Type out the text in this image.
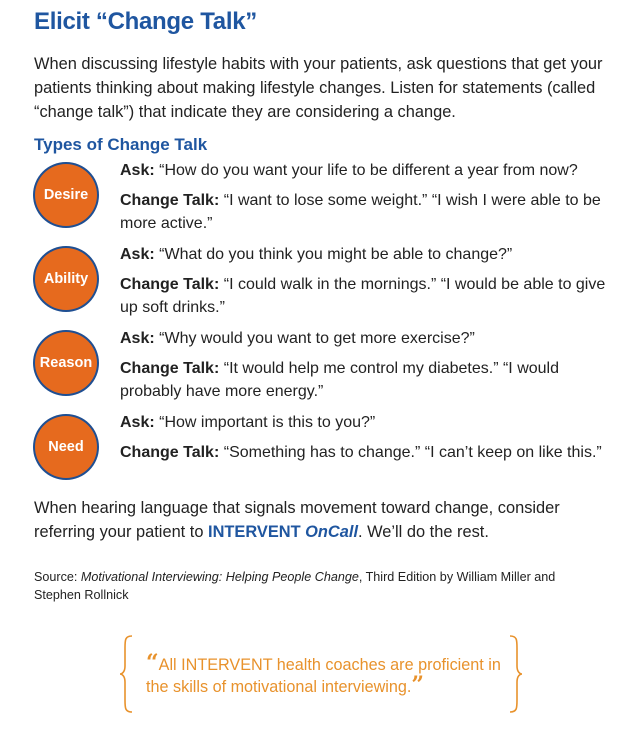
Elicit “Change Talk”
When discussing lifestyle habits with your patients, ask questions that get your patients thinking about making lifestyle changes. Listen for statements (called “change talk”) that indicate they are considering a change.
Types of Change Talk
Desire

Ask: “How do you want your life to be different a year from now?

Change Talk: “I want to lose some weight.” “I wish I were able to be more active.”

Ability

Ask: “What do you think you might be able to change?”

Change Talk: “I could walk in the mornings.” “I would be able to give up soft drinks.”

Reason

Ask: “Why would you want to get more exercise?”

Change Talk: “It would help me control my diabetes.” “I would probably have more energy.”

Need

Ask: “How important is this to you?”

Change Talk: “Something has to change.” “I can’t keep on like this.”

When hearing language that signals movement toward change, consider referring your patient to INTERVENT OnCall. We’ll do the rest.
Source: Motivational Interviewing: Helping People Change, Third Edition by William Miller and Stephen Rollnick
“All INTERVENT health coaches are proficient in the skills of motivational interviewing.”
